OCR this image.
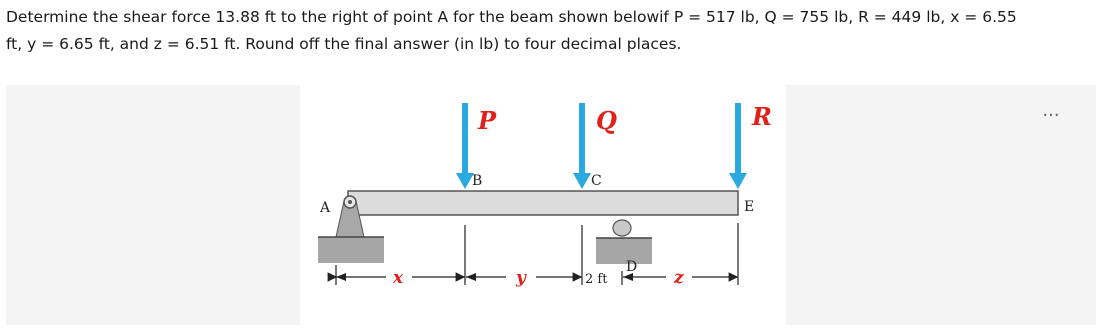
Determine the shear force 13.88 ft to the right of point A for the beam shown belowif P = 517 lb, Q = 755 lb, R = 449 lb, x = 6.55
ft, y = 6.65 ft, and z = 6.51 ft. Round off the final answer (in lb) to four decimal places.
P	Q	R
A
B	C
D
E
x	y	2 ft	z
...
